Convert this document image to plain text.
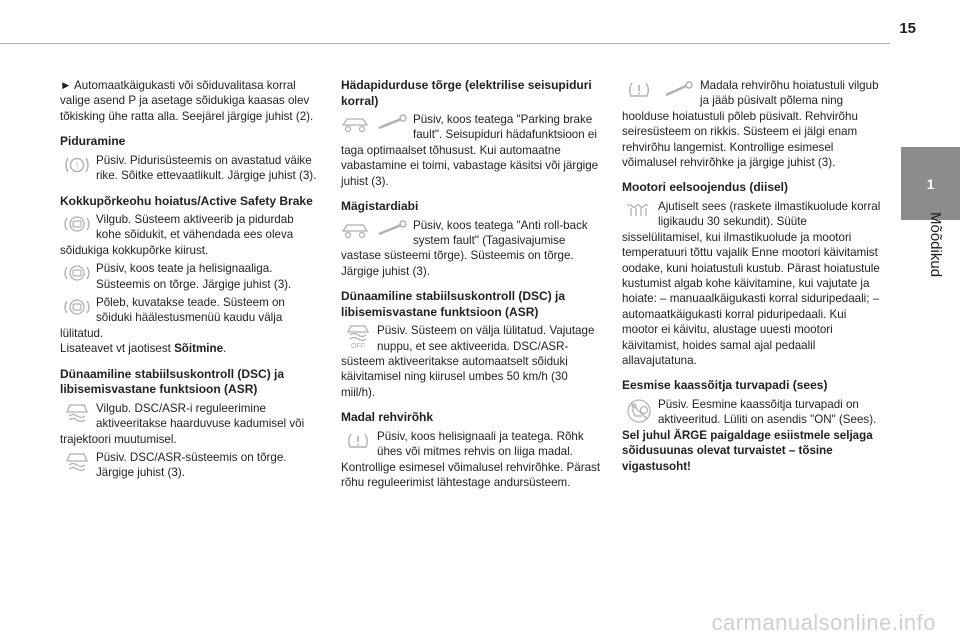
15
1
Mõõdikud

► Automaatkäigukasti või sõiduvalitasa korral valige asend P ja asetage sõidukiga kaasas olev tõkisking ühe ratta alla. Seejärel järgige juhist (2).

Piduramine
! Püsiv. Pidurisüsteemis on avastatud väike rike. Sõitke ettevaatlikult. Järgige juhist (3).
Kokkupõrkeohu hoiatus/Active Safety Brake
Vilgub. Süsteem aktiveerib ja pidurdab kohe sõidukit, et vähendada ees oleva sõidukiga kokkupõrke kiirust.
Püsiv, koos teate ja helisignaaliga. Süsteemis on tõrge. Järgige juhist (3).
Põleb, kuvatakse teade. Süsteem on sõiduki häälestusmenüü kaudu välja lülitatud.

Lisateavet vt jaotisest Sõitmine.

Dünaamiline stabiilsuskontroll (DSC) ja libisemisvastane funktsioon (ASR)
Vilgub. DSC/ASR-i reguleerimine aktiveeritakse haarduvuse kadumisel või trajektoori muutumisel.
Püsiv. DSC/ASR-süsteemis on tõrge. Järgige juhist (3).
Hädapidurduse tõrge (elektrilise seisupiduri korral)
Püsiv, koos teatega "Parking brake fault". Seisupiduri hädafunktsioon ei taga optimaalset tõhusust. Kui automaatne vabastamine ei toimi, vabastage käsitsi või järgige juhist (3).
Mägistardiabi
Püsiv, koos teatega "Anti roll-back system fault" (Tagasivajumise vastase süsteemi tõrge). Süsteemis on tõrge. Järgige juhist (3).
Dünaamiline stabiilsuskontroll (DSC) ja libisemisvastane funktsioon (ASR)
OFF
Püsiv. Süsteem on välja lülitatud. Vajutage nuppu, et see aktiveerida. DSC/ASR-süsteem aktiveeritakse automaatselt sõiduki käivitamisel ning kiirusel umbes 50 km/h (30 miil/h).
Madal rehvirõhk
Püsiv, koos helisignaali ja teatega. Rõhk ühes või mitmes rehvis on liiga madal. Kontrollige esimesel võimalusel rehvirõhke. Pärast rõhu reguleerimist lähtestage andursüsteem.
Madala rehvirõhu hoiatustuli vilgub ja jääb püsivalt põlema ning hoolduse hoiatustuli põleb püsivalt. Rehvirõhu seiresüsteem on rikkis. Süsteem ei jälgi enam rehvirõhu langemist. Kontrollige esimesel võimalusel rehvirõhke ja järgige juhist (3).
Mootori eelsoojendus (diisel)
Ajutiselt sees (raskete ilmastikuolude korral ligikaudu 30 sekundit). Süüte sisselülitamisel, kui ilmastikuolude ja mootori temperatuuri tõttu vajalik Enne mootori käivitamist oodake, kuni hoiatustuli kustub. Pärast hoiatustule kustumist algab kohe käivitamine, kui vajutate ja hoiate: – manuaalkäigukasti korral siduripedaali; – automaatkäigukasti korral piduripedaali. Kui mootor ei käivitu, alustage uuesti mootori käivitamist, hoides samal ajal pedaalil allavajutatuna.
Eesmise kaassõitja turvapadi (sees)
Püsiv. Eesmine kaassõitja turvapadi on aktiveeritud. Lüliti on asendis "ON" (Sees).

Sel juhul ÄRGE paigaldage esiistmele seljaga sõidusuunas olevat turvaistet – tõsine vigastusoht!

carmanualsonline.info
